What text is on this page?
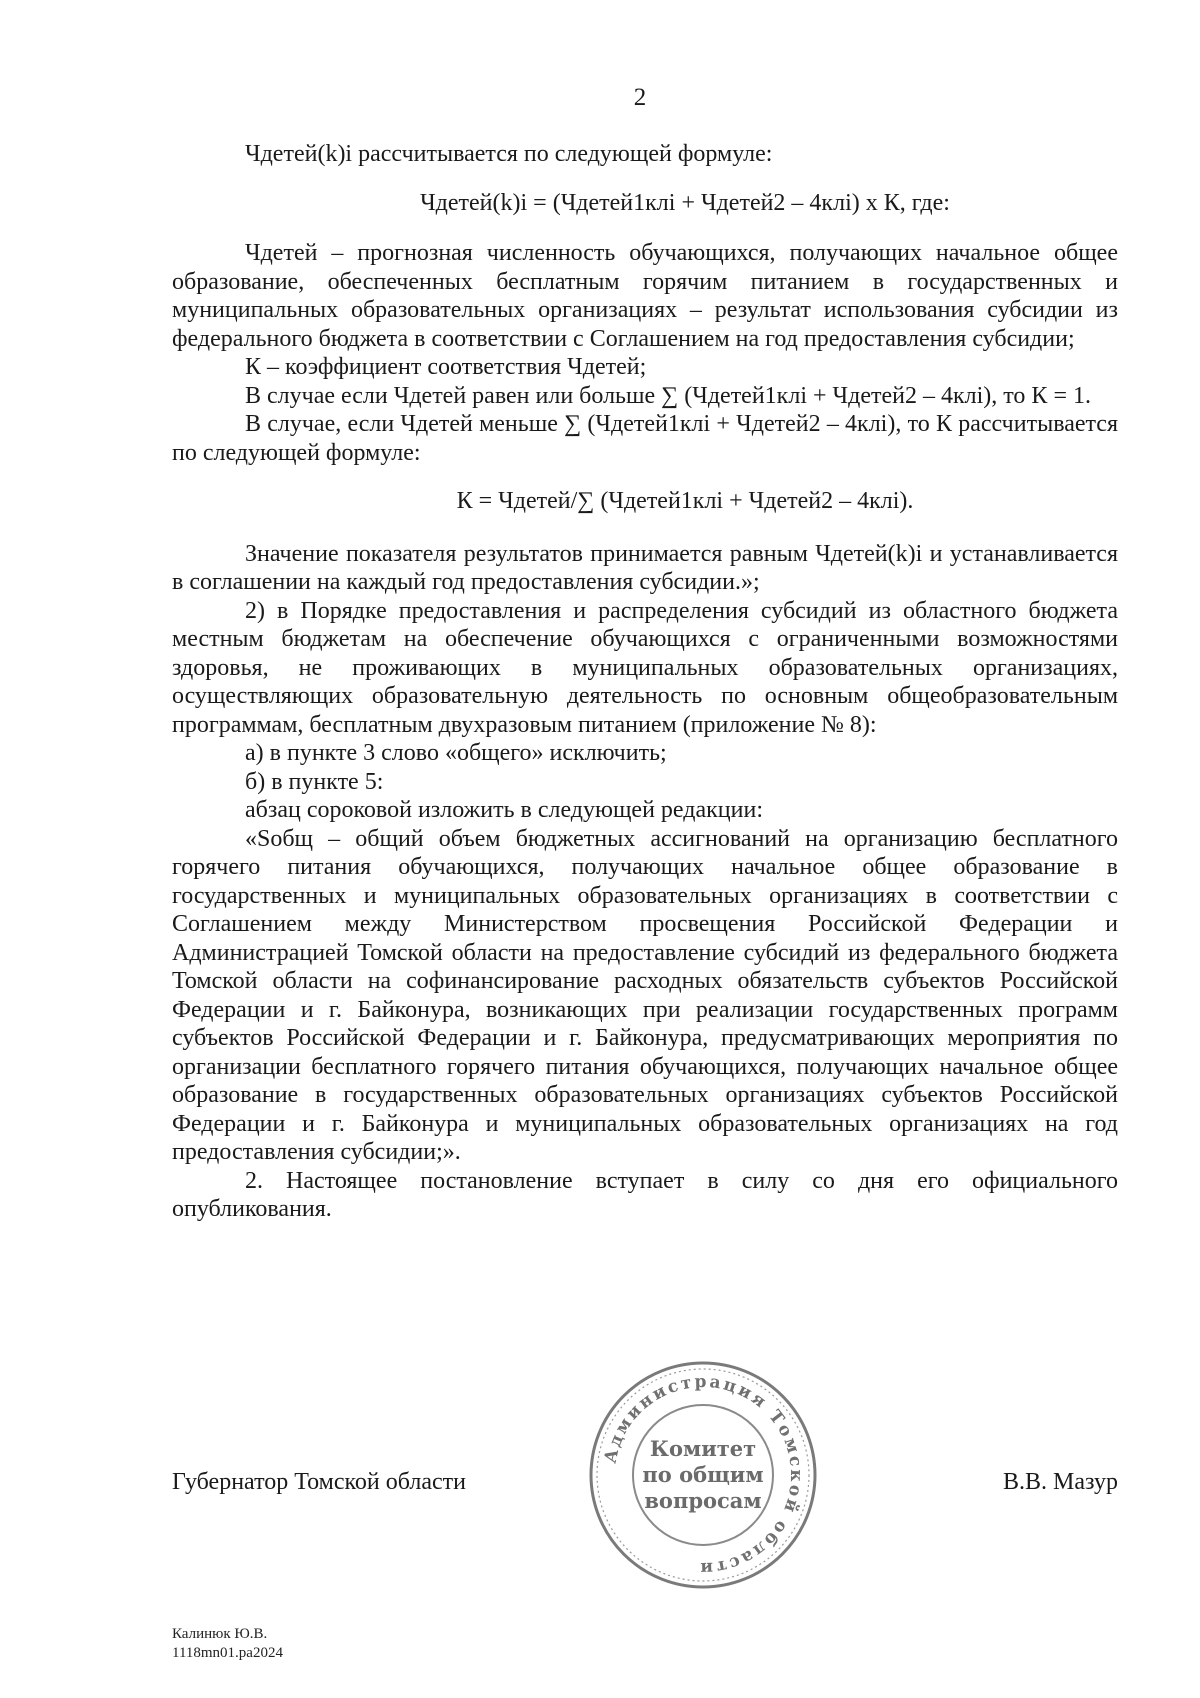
2

Чдетей(k)i рассчитывается по следующей формуле:

Чдетей(k)i = (Чдетей1клi + Чдетей2 – 4клi) х К, где:

Чдетей – прогнозная численность обучающихся, получающих начальное общее образование, обеспеченных бесплатным горячим питанием в государственных и муниципальных образовательных организациях – результат использования субсидии из федерального бюджета в соответствии с Соглашением на год предоставления субсидии;

К – коэффициент соответствия Чдетей;

В случае если Чдетей равен или больше ∑ (Чдетей1клi + Чдетей2 – 4клi), то К = 1.

В случае, если Чдетей меньше ∑ (Чдетей1клi + Чдетей2 – 4клi), то К рассчитывается по следующей формуле:

К = Чдетей/∑ (Чдетей1клi + Чдетей2 – 4клi).

Значение показателя результатов принимается равным Чдетей(k)i и устанавливается в соглашении на каждый год предоставления субсидии.»;

2) в Порядке предоставления и распределения субсидий из областного бюджета местным бюджетам на обеспечение обучающихся с ограниченными возможностями здоровья, не проживающих в муниципальных образовательных организациях, осуществляющих образовательную деятельность по основным общеобразовательным программам, бесплатным двухразовым питанием (приложение № 8):

а) в пункте 3 слово «общего» исключить;

б) в пункте 5:

абзац сороковой изложить в следующей редакции:

«Sобщ – общий объем бюджетных ассигнований на организацию бесплатного горячего питания обучающихся, получающих начальное общее образование в государственных и муниципальных образовательных организациях в соответствии с Соглашением между Министерством просвещения Российской Федерации и Администрацией Томской области на предоставление субсидий из федерального бюджета Томской области на софинансирование расходных обязательств субъектов Российской Федерации и г. Байконура, возникающих при реализации государственных программ субъектов Российской Федерации и г. Байконура, предусматривающих мероприятия по организации бесплатного горячего питания обучающихся, получающих начальное общее образование в государственных образовательных организациях субъектов Российской Федерации и г. Байконура и муниципальных образовательных организациях на год предоставления субсидии;».

2. Настоящее постановление вступает в силу со дня его официального опубликования.

Губернатор Томской области	В.В. Мазур
Администрация Томской области
Комитет
по общим
вопросам
Калинюк Ю.В.
1118mn01.pa2024
